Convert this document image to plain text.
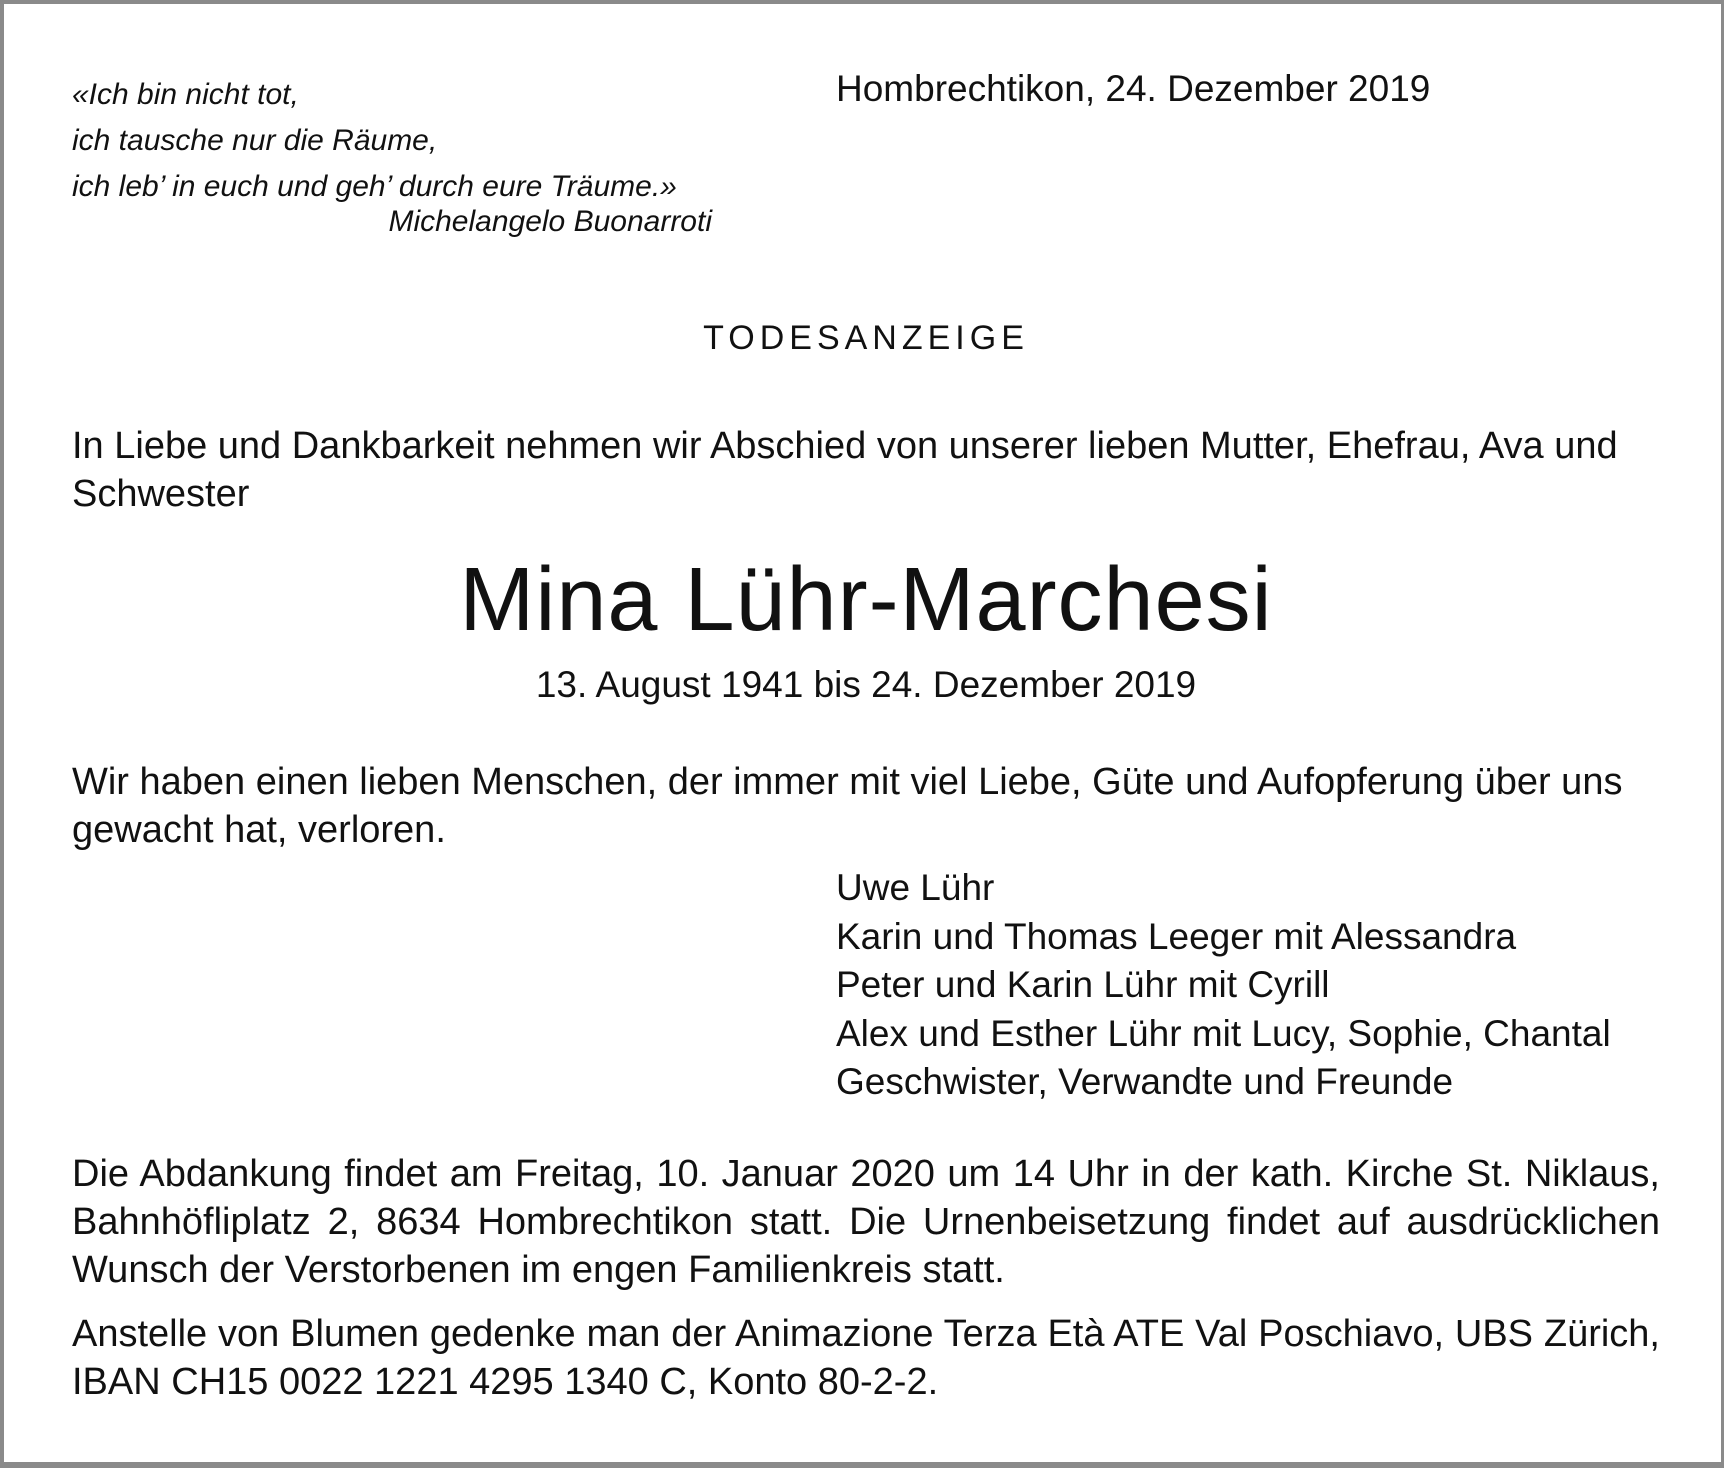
«Ich bin nicht tot,
ich tausche nur die Räume,
ich leb’ in euch und geh’ durch eure Träume.»
Michelangelo Buonarroti
Hombrechtikon, 24. Dezember 2019
TODESANZEIGE
In Liebe und Dankbarkeit nehmen wir Abschied von unserer lieben Mutter, Ehefrau, Ava und Schwester
Mina Lühr-Marchesi
13. August 1941 bis 24. Dezember 2019
Wir haben einen lieben Menschen, der immer mit viel Liebe, Güte und Aufopferung über uns gewacht hat, verloren.
Uwe Lühr
Karin und Thomas Leeger mit Alessandra
Peter und Karin Lühr mit Cyrill
Alex und Esther Lühr mit Lucy, Sophie, Chantal
Geschwister, Verwandte und Freunde
Die Abdankung findet am Freitag, 10. Januar 2020 um 14 Uhr in der kath. Kirche St. Niklaus, Bahnhöfliplatz 2, 8634 Hombrechtikon statt. Die Urnenbeisetzung findet auf ausdrücklichen Wunsch der Verstorbenen im engen Familienkreis statt.
Anstelle von Blumen gedenke man der Animazione Terza Età ATE Val Poschiavo, UBS Zürich, IBAN CH15 0022 1221 4295 1340 C, Konto 80-2-2.
